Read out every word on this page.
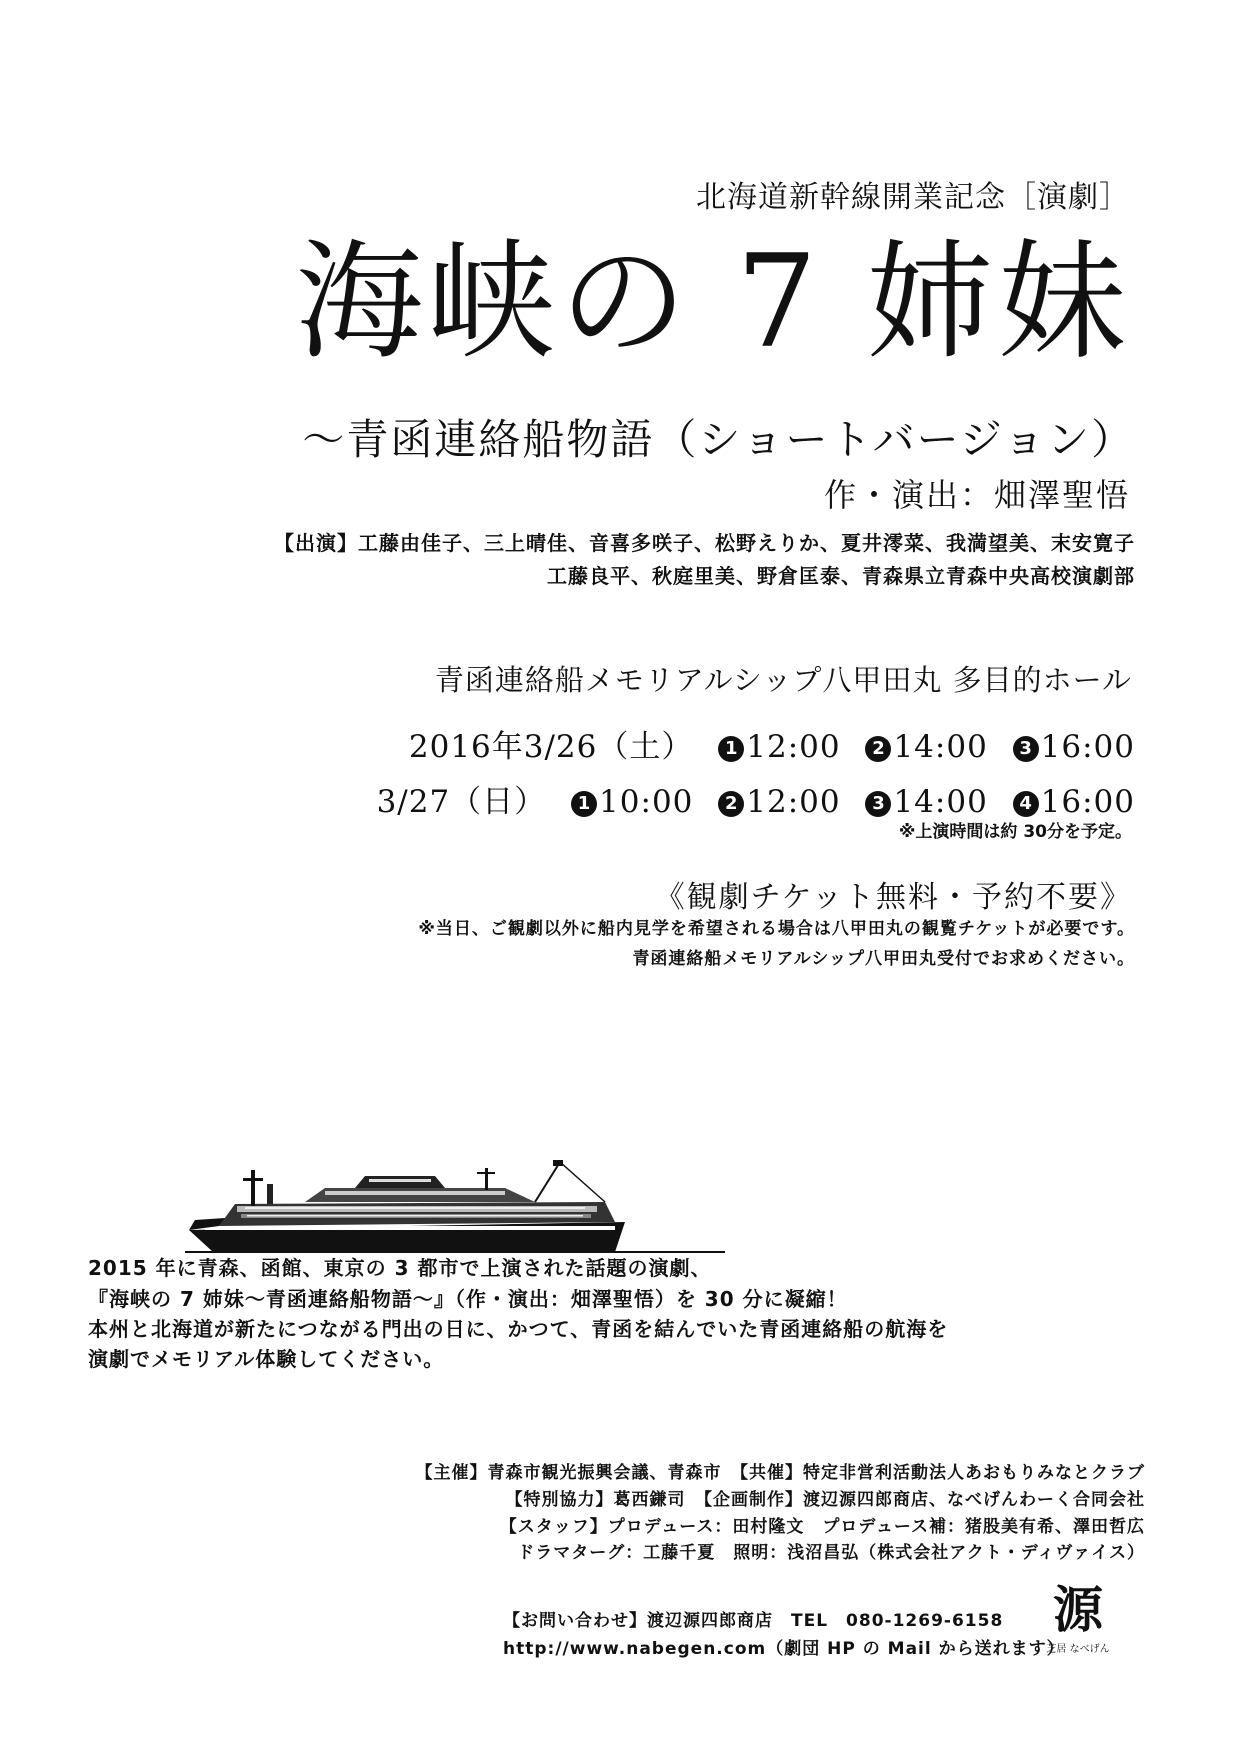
北海道新幹線開業記念［演劇］
海峡の 7 姉妹
～青函連絡船物語（ショートバージョン）
作・演出：畑澤聖悟
【出演】工藤由佳子、三上晴佳、音喜多咲子、松野えりか、夏井澪菜、我満望美、末安寛子
工藤良平、秋庭里美、野倉匡泰、青森県立青森中央高校演劇部
青函連絡船メモリアルシップ八甲田丸 多目的ホール
2016年3/26（土） 1 12:00 2 14:00 3 16:00
3/27（日） 1 10:00 2 12:00 3 14:00 4 16:00
※上演時間は約 30分を予定。
《観劇チケット無料・予約不要》
※当日、ご観劇以外に船内見学を希望される場合は八甲田丸の観覧チケットが必要です。
青函連絡船メモリアルシップ八甲田丸受付でお求めください。
2015 年に青森、函館、東京の 3 都市で上演された話題の演劇、
『海峡の 7 姉妹～青函連絡船物語～』（作・演出：畑澤聖悟）を 30 分に凝縮！
本州と北海道が新たにつながる門出の日に、かつて、青函を結んでいた青函連絡船の航海を
演劇でメモリアル体験してください。
【主催】青森市観光振興会議、青森市　【共催】特定非営利活動法人あおもりみなとクラブ
【特別協力】葛西鎌司　【企画制作】渡辺源四郎商店、なべげんわーく合同会社
【スタッフ】プロデュース：田村隆文　プロデュース補：猪股美有希、澤田哲広
ドラマターグ：工藤千夏　照明：浅沼昌弘（株式会社アクト・ディヴァイス）
【お問い合わせ】渡辺源四郎商店　TEL　080-1269-6158
http://www.nabegen.com（劇団 HP の Mail から送れます）
源
芝居 なべげん
